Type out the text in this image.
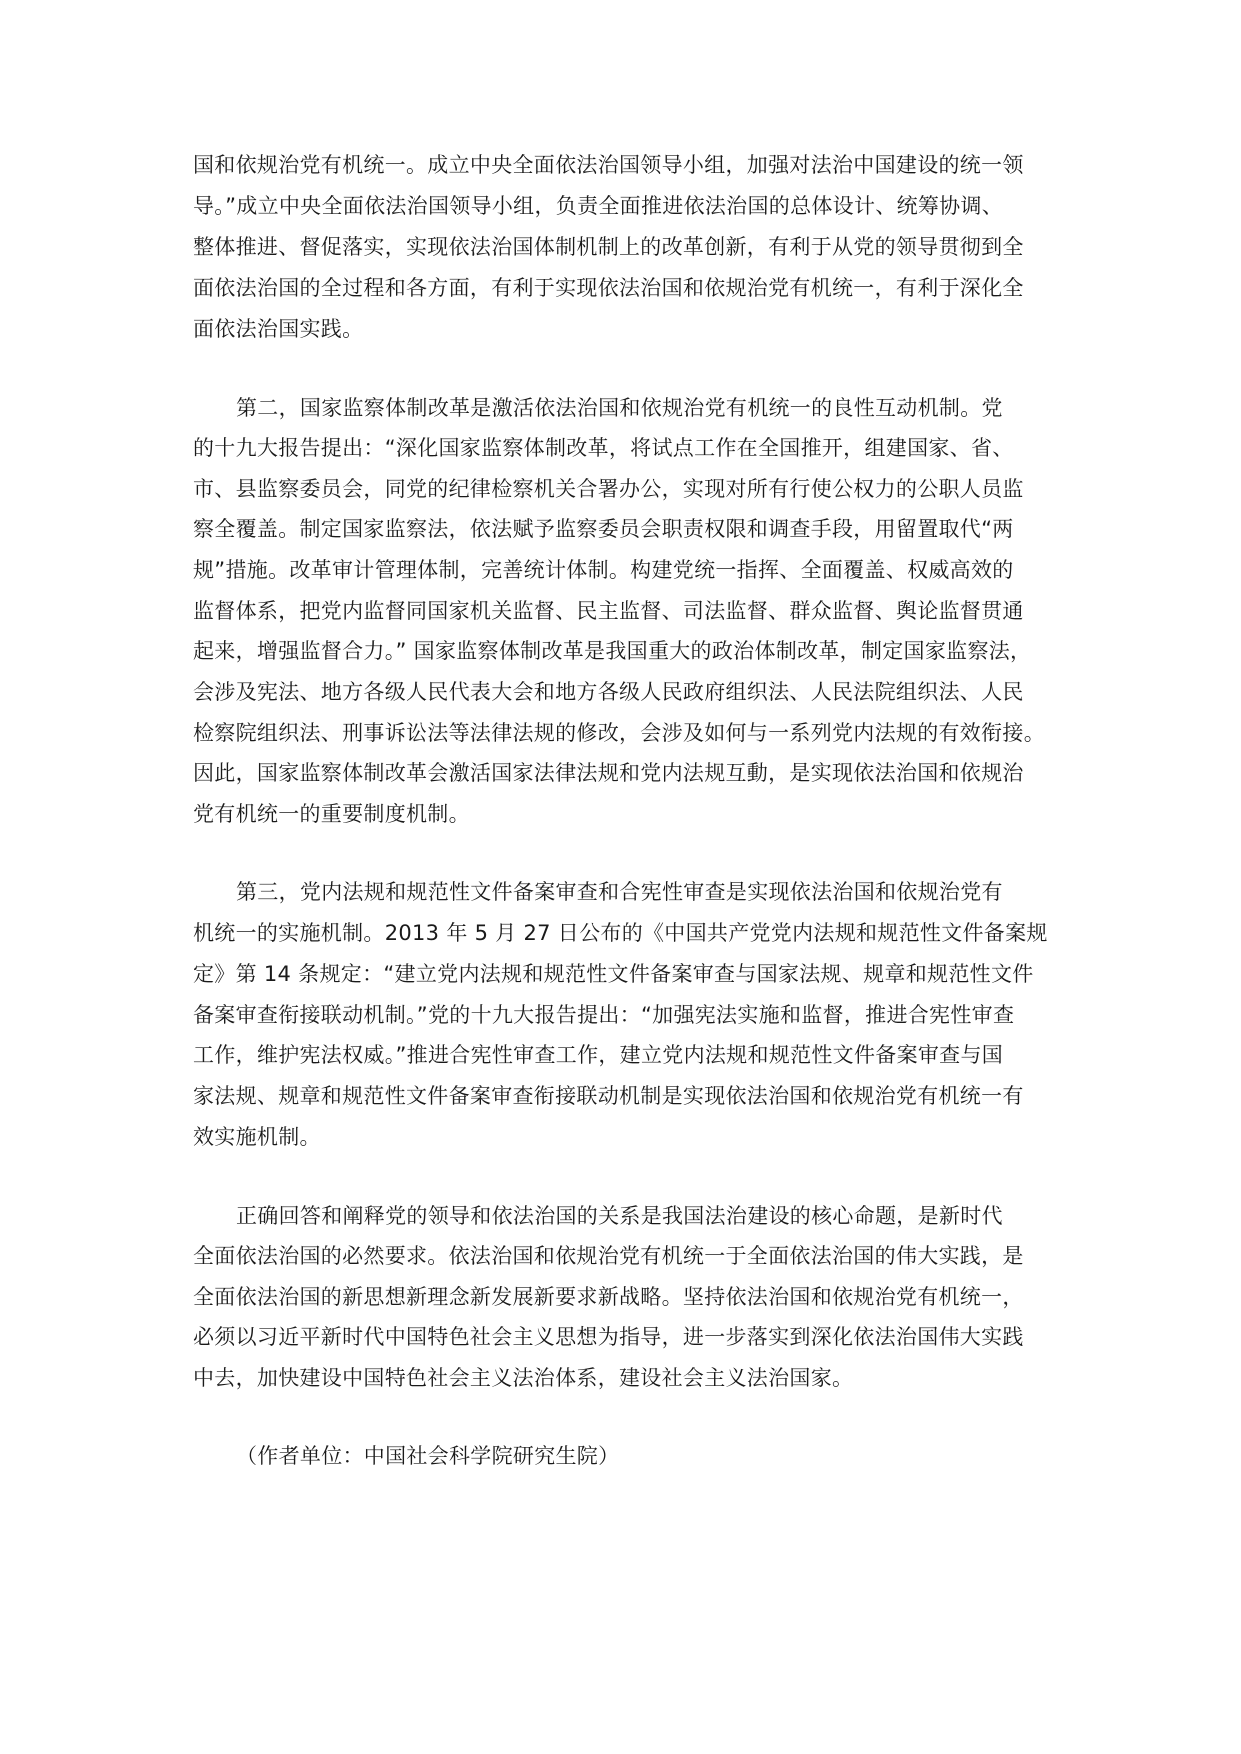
国和依规治党有机统一。成立中央全面依法治国领导小组，加强对法治中国建设的统一领
导。”成立中央全面依法治国领导小组，负责全面推进依法治国的总体设计、统筹协调、
整体推进、督促落实，实现依法治国体制机制上的改革创新，有利于从党的领导贯彻到全
面依法治国的全过程和各方面，有利于实现依法治国和依规治党有机统一，有利于深化全
面依法治国实践。
第二，国家监察体制改革是激活依法治国和依规治党有机统一的良性互动机制。党
的十九大报告提出：“深化国家监察体制改革，将试点工作在全国推开，组建国家、省、
市、县监察委员会，同党的纪律检察机关合署办公，实现对所有行使公权力的公职人员监
察全覆盖。制定国家监察法，依法赋予监察委员会职责权限和调查手段，用留置取代“两
规”措施。改革审计管理体制，完善统计体制。构建党统一指挥、全面覆盖、权威高效的
监督体系，把党内监督同国家机关监督、民主监督、司法监督、群众监督、舆论监督贯通
起来，增强监督合力。” 国家监察体制改革是我国重大的政治体制改革，制定国家监察法，
会涉及宪法、地方各级人民代表大会和地方各级人民政府组织法、人民法院组织法、人民
检察院组织法、刑事诉讼法等法律法规的修改，会涉及如何与一系列党内法规的有效衔接。
因此，国家监察体制改革会激活国家法律法规和党内法规互動，是实现依法治国和依规治
党有机统一的重要制度机制。
第三，党内法规和规范性文件备案审查和合宪性审查是实现依法治国和依规治党有
机统一的实施机制。2013 年 5 月 27 日公布的《中国共产党党内法规和规范性文件备案规
定》第 14 条规定：“建立党内法规和规范性文件备案审查与国家法规、规章和规范性文件
备案审查衔接联动机制。”党的十九大报告提出：“加强宪法实施和监督，推进合宪性审查
工作，维护宪法权威。”推进合宪性审查工作，建立党内法规和规范性文件备案审查与国
家法规、规章和规范性文件备案审查衔接联动机制是实现依法治国和依规治党有机统一有
效实施机制。
正确回答和阐释党的领导和依法治国的关系是我国法治建设的核心命题，是新时代
全面依法治国的必然要求。依法治国和依规治党有机统一于全面依法治国的伟大实践，是
全面依法治国的新思想新理念新发展新要求新战略。坚持依法治国和依规治党有机统一，
必须以习近平新时代中国特色社会主义思想为指导，进一步落实到深化依法治国伟大实践
中去，加快建设中国特色社会主义法治体系，建设社会主义法治国家。
（作者单位：中国社会科学院研究生院）
